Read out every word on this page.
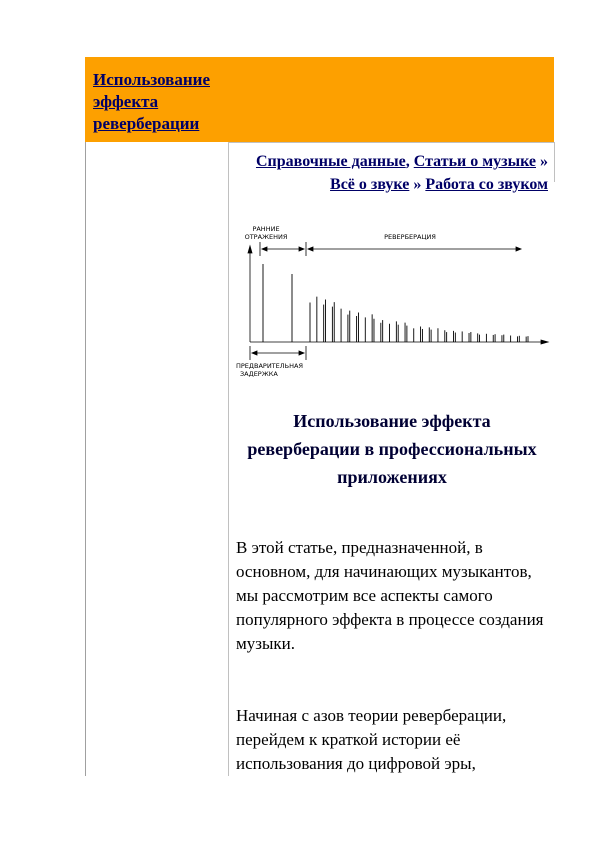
Использование эффекта реверберации
Справочные данные, Статьи о музыке » Всё о звуке » Работа со звуком
РАННИЕ
ОТРАЖЕНИЯ	РЕВЕРБЕРАЦИЯ
ПРЕДВАРИТЕЛЬНАЯ
ЗАДЕРЖКА
Использование эффекта реверберации в профессиональных приложениях
В этой статье, предназначенной, в основном, для начинающих музыкантов, мы рассмотрим все аспекты самого популярного эффекта в процессе создания музыки.
Начиная с азов теории реверберации, перейдем к краткой истории её использования до цифровой эры,
